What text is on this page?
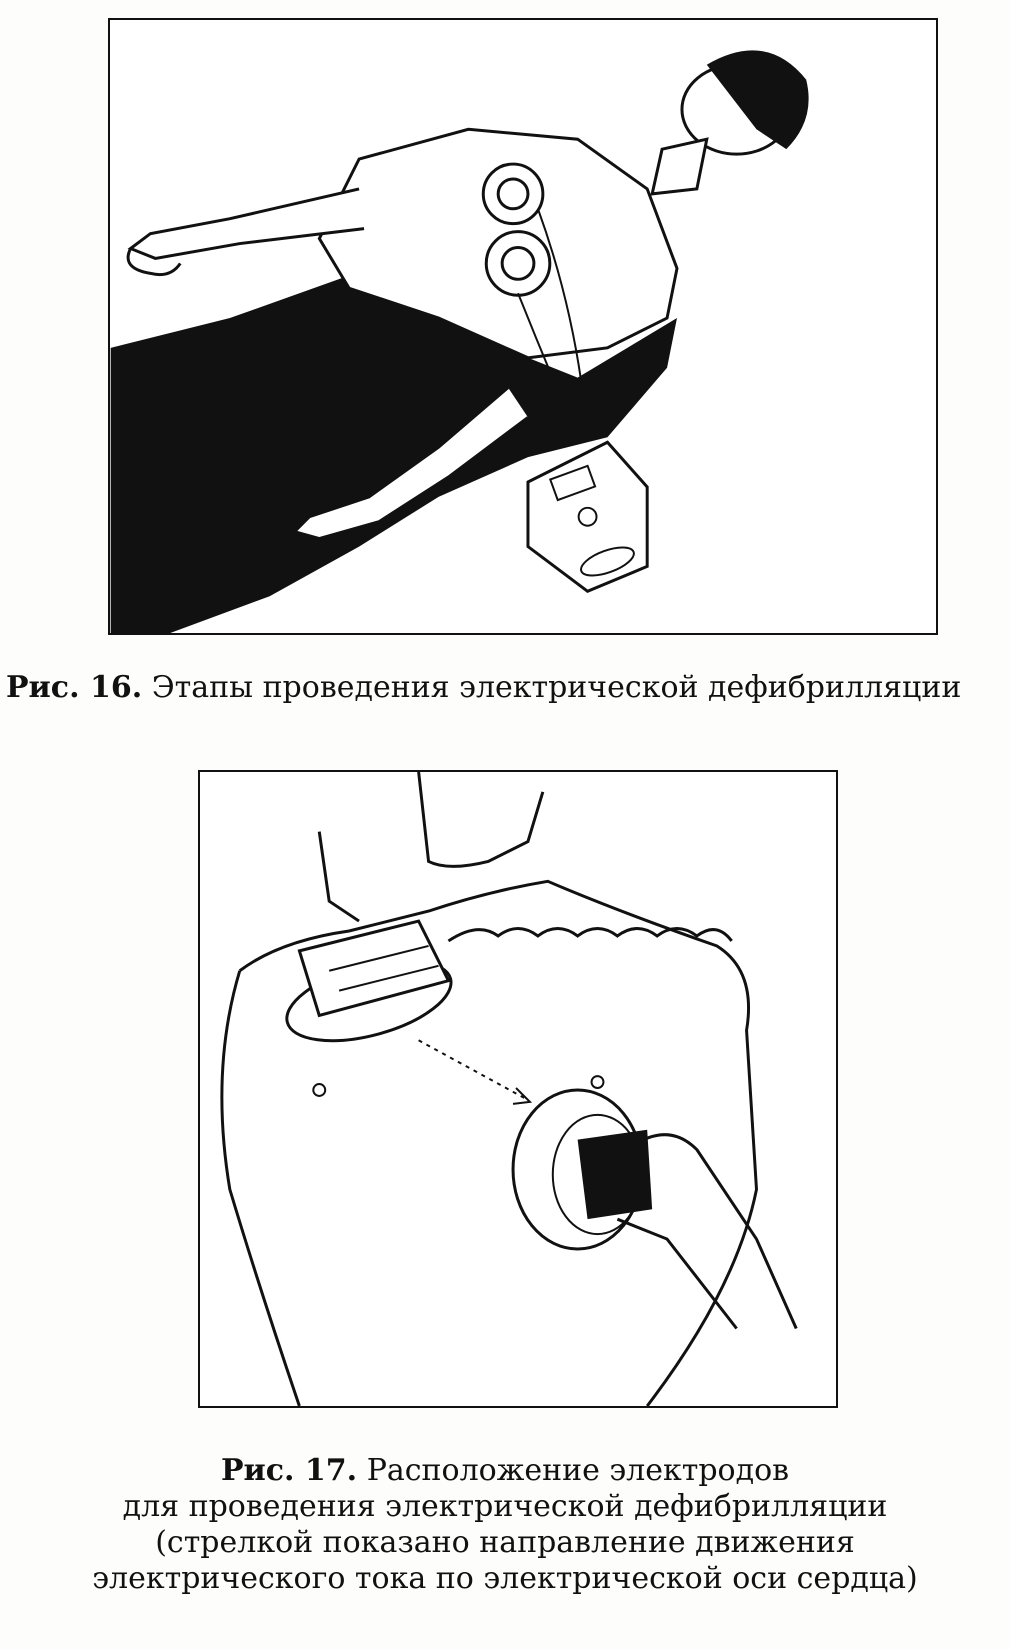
Рис. 16. Этапы проведения электрической дефибрилляции
Рис. 17. Расположение электродов
для проведения электрической дефибрилляции
(стрелкой показано направление движения
электрического тока по электрической оси сердца)
